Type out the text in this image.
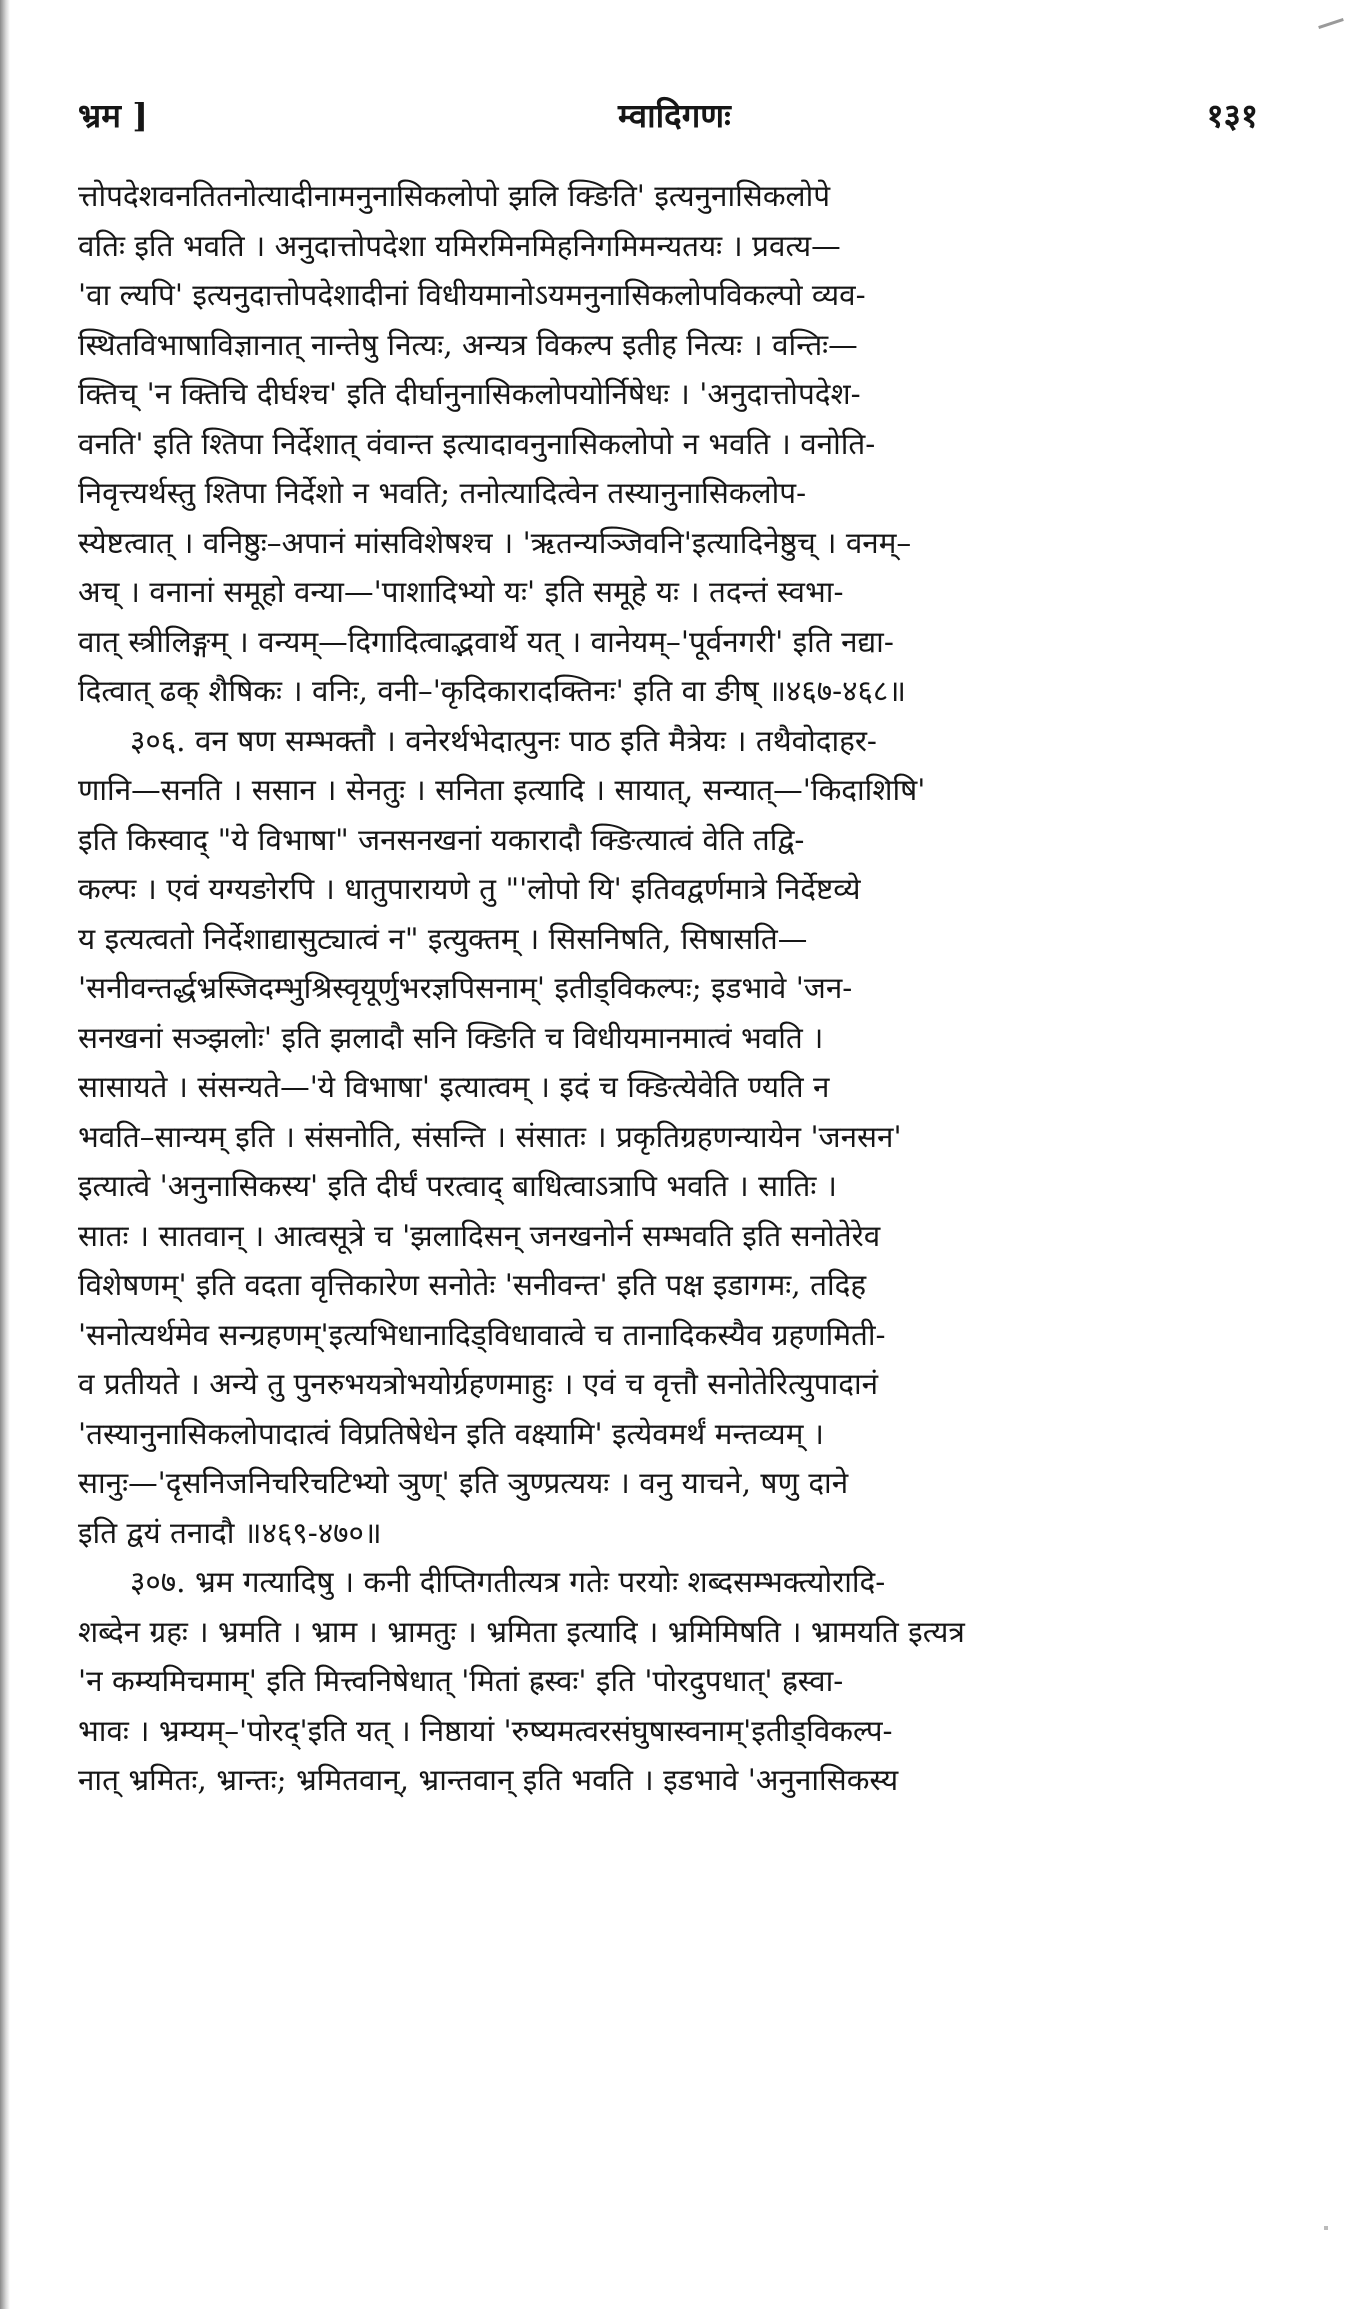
भ्रम ]	म्वादिगणः	१३१
त्तोपदेशवनतितनोत्यादीनामनुनासिकलोपो झलि क्ङिति' इत्यनुनासिकलोपे
वतिः इति भवति । अनुदात्तोपदेशा यमिरमिनमिहनिगमिमन्यतयः । प्रवत्य—
'वा ल्यपि' इत्यनुदात्तोपदेशादीनां विधीयमानोऽयमनुनासिकलोपविकल्पो व्यव-
स्थितविभाषाविज्ञानात् नान्तेषु नित्यः, अन्यत्र विकल्प इतीह नित्यः । वन्तिः—
क्तिच् 'न क्तिचि दीर्घश्च' इति दीर्घानुनासिकलोपयोर्निषेधः । 'अनुदात्तोपदेश-
वनति' इति श्तिपा निर्देशात् वंवान्त इत्यादावनुनासिकलोपो न भवति । वनोति-
निवृत्त्यर्थस्तु श्तिपा निर्देशो न भवति; तनोत्यादित्वेन तस्यानुनासिकलोप-
स्येष्टत्वात् । वनिष्ठुः–अपानं मांसविशेषश्च । 'ऋतन्यञ्जिवनि'इत्यादिनेष्ठुच् । वनम्–
अच् । वनानां समूहो वन्या—'पाशादिभ्यो यः' इति समूहे यः । तदन्तं स्वभा-
वात् स्त्रीलिङ्गम् । वन्यम्—दिगादित्वाद्भवार्थे यत् । वानेयम्–'पूर्वनगरी' इति नद्या-
दित्वात् ढक् शैषिकः । वनिः, वनी–'कृदिकारादक्तिनः' इति वा ङीष् ॥४६७-४६८॥
३०६. वन षण सम्भक्तौ । वनेरर्थभेदात्पुनः पाठ इति मैत्रेयः । तथैवोदाहर-
णानि—सनति । ससान । सेनतुः । सनिता इत्यादि । सायात्, सन्यात्—'किदाशिषि'
इति किस्वाद् "ये विभाषा" जनसनखनां यकारादौ क्ङित्यात्वं वेति तद्वि-
कल्पः । एवं यग्यङोरपि । धातुपारायणे तु "'लोपो यि' इतिवद्वर्णमात्रे निर्देष्टव्ये
य इत्यत्वतो निर्देशाद्यासुट्यात्वं न" इत्युक्तम् । सिसनिषति, सिषासति—
'सनीवन्तर्द्धभ्रस्जिदम्भुश्रिस्वृयूर्णुभरज्ञपिसनाम्' इतीड्विकल्पः; इडभावे 'जन-
सनखनां सञ्झलोः' इति झलादौ सनि क्ङिति च विधीयमानमात्वं भवति ।
सासायते । संसन्यते—'ये विभाषा' इत्यात्वम् । इदं च क्ङित्येवेति ण्यति न
भवति–सान्यम् इति । संसनोति, संसन्ति । संसातः । प्रकृतिग्रहणन्यायेन 'जनसन'
इत्यात्वे 'अनुनासिकस्य' इति दीर्घं परत्वाद् बाधित्वाऽत्रापि भवति । सातिः ।
सातः । सातवान् । आत्वसूत्रे च 'झलादिसन् जनखनोर्न सम्भवति इति सनोतेरेव
विशेषणम्' इति वदता वृत्तिकारेण सनोतेः 'सनीवन्त' इति पक्ष इडागमः, तदिह
'सनोत्यर्थमेव सन्ग्रहणम्'इत्यभिधानादिड्विधावात्वे च तानादिकस्यैव ग्रहणमिती-
व प्रतीयते । अन्ये तु पुनरुभयत्रोभयोर्ग्रहणमाहुः । एवं च वृत्तौ सनोतेरित्युपादानं
'तस्यानुनासिकलोपादात्वं विप्रतिषेधेन इति वक्ष्यामि' इत्येवमर्थं मन्तव्यम् ।
सानुः—'दृसनिजनिचरिचटिभ्यो ञुण्' इति ञुण्प्रत्ययः । वनु याचने, षणु दाने
इति द्वयं तनादौ ॥४६९-४७०॥
३०७. भ्रम गत्यादिषु । कनी दीप्तिगतीत्यत्र गतेः परयोः शब्दसम्भक्त्योरादि-
शब्देन ग्रहः । भ्रमति । भ्राम । भ्रामतुः । भ्रमिता इत्यादि । भ्रमिमिषति । भ्रामयति इत्यत्र
'न कम्यमिचमाम्' इति मित्त्वनिषेधात् 'मितां ह्रस्वः' इति 'पोरदुपधात्' ह्रस्वा-
भावः । भ्रम्यम्–'पोरद्'इति यत् । निष्ठायां 'रुष्यमत्वरसंघुषास्वनाम्'इतीड्विकल्प-
नात् भ्रमितः, भ्रान्तः; भ्रमितवान्, भ्रान्तवान् इति भवति । इडभावे 'अनुनासिकस्य
